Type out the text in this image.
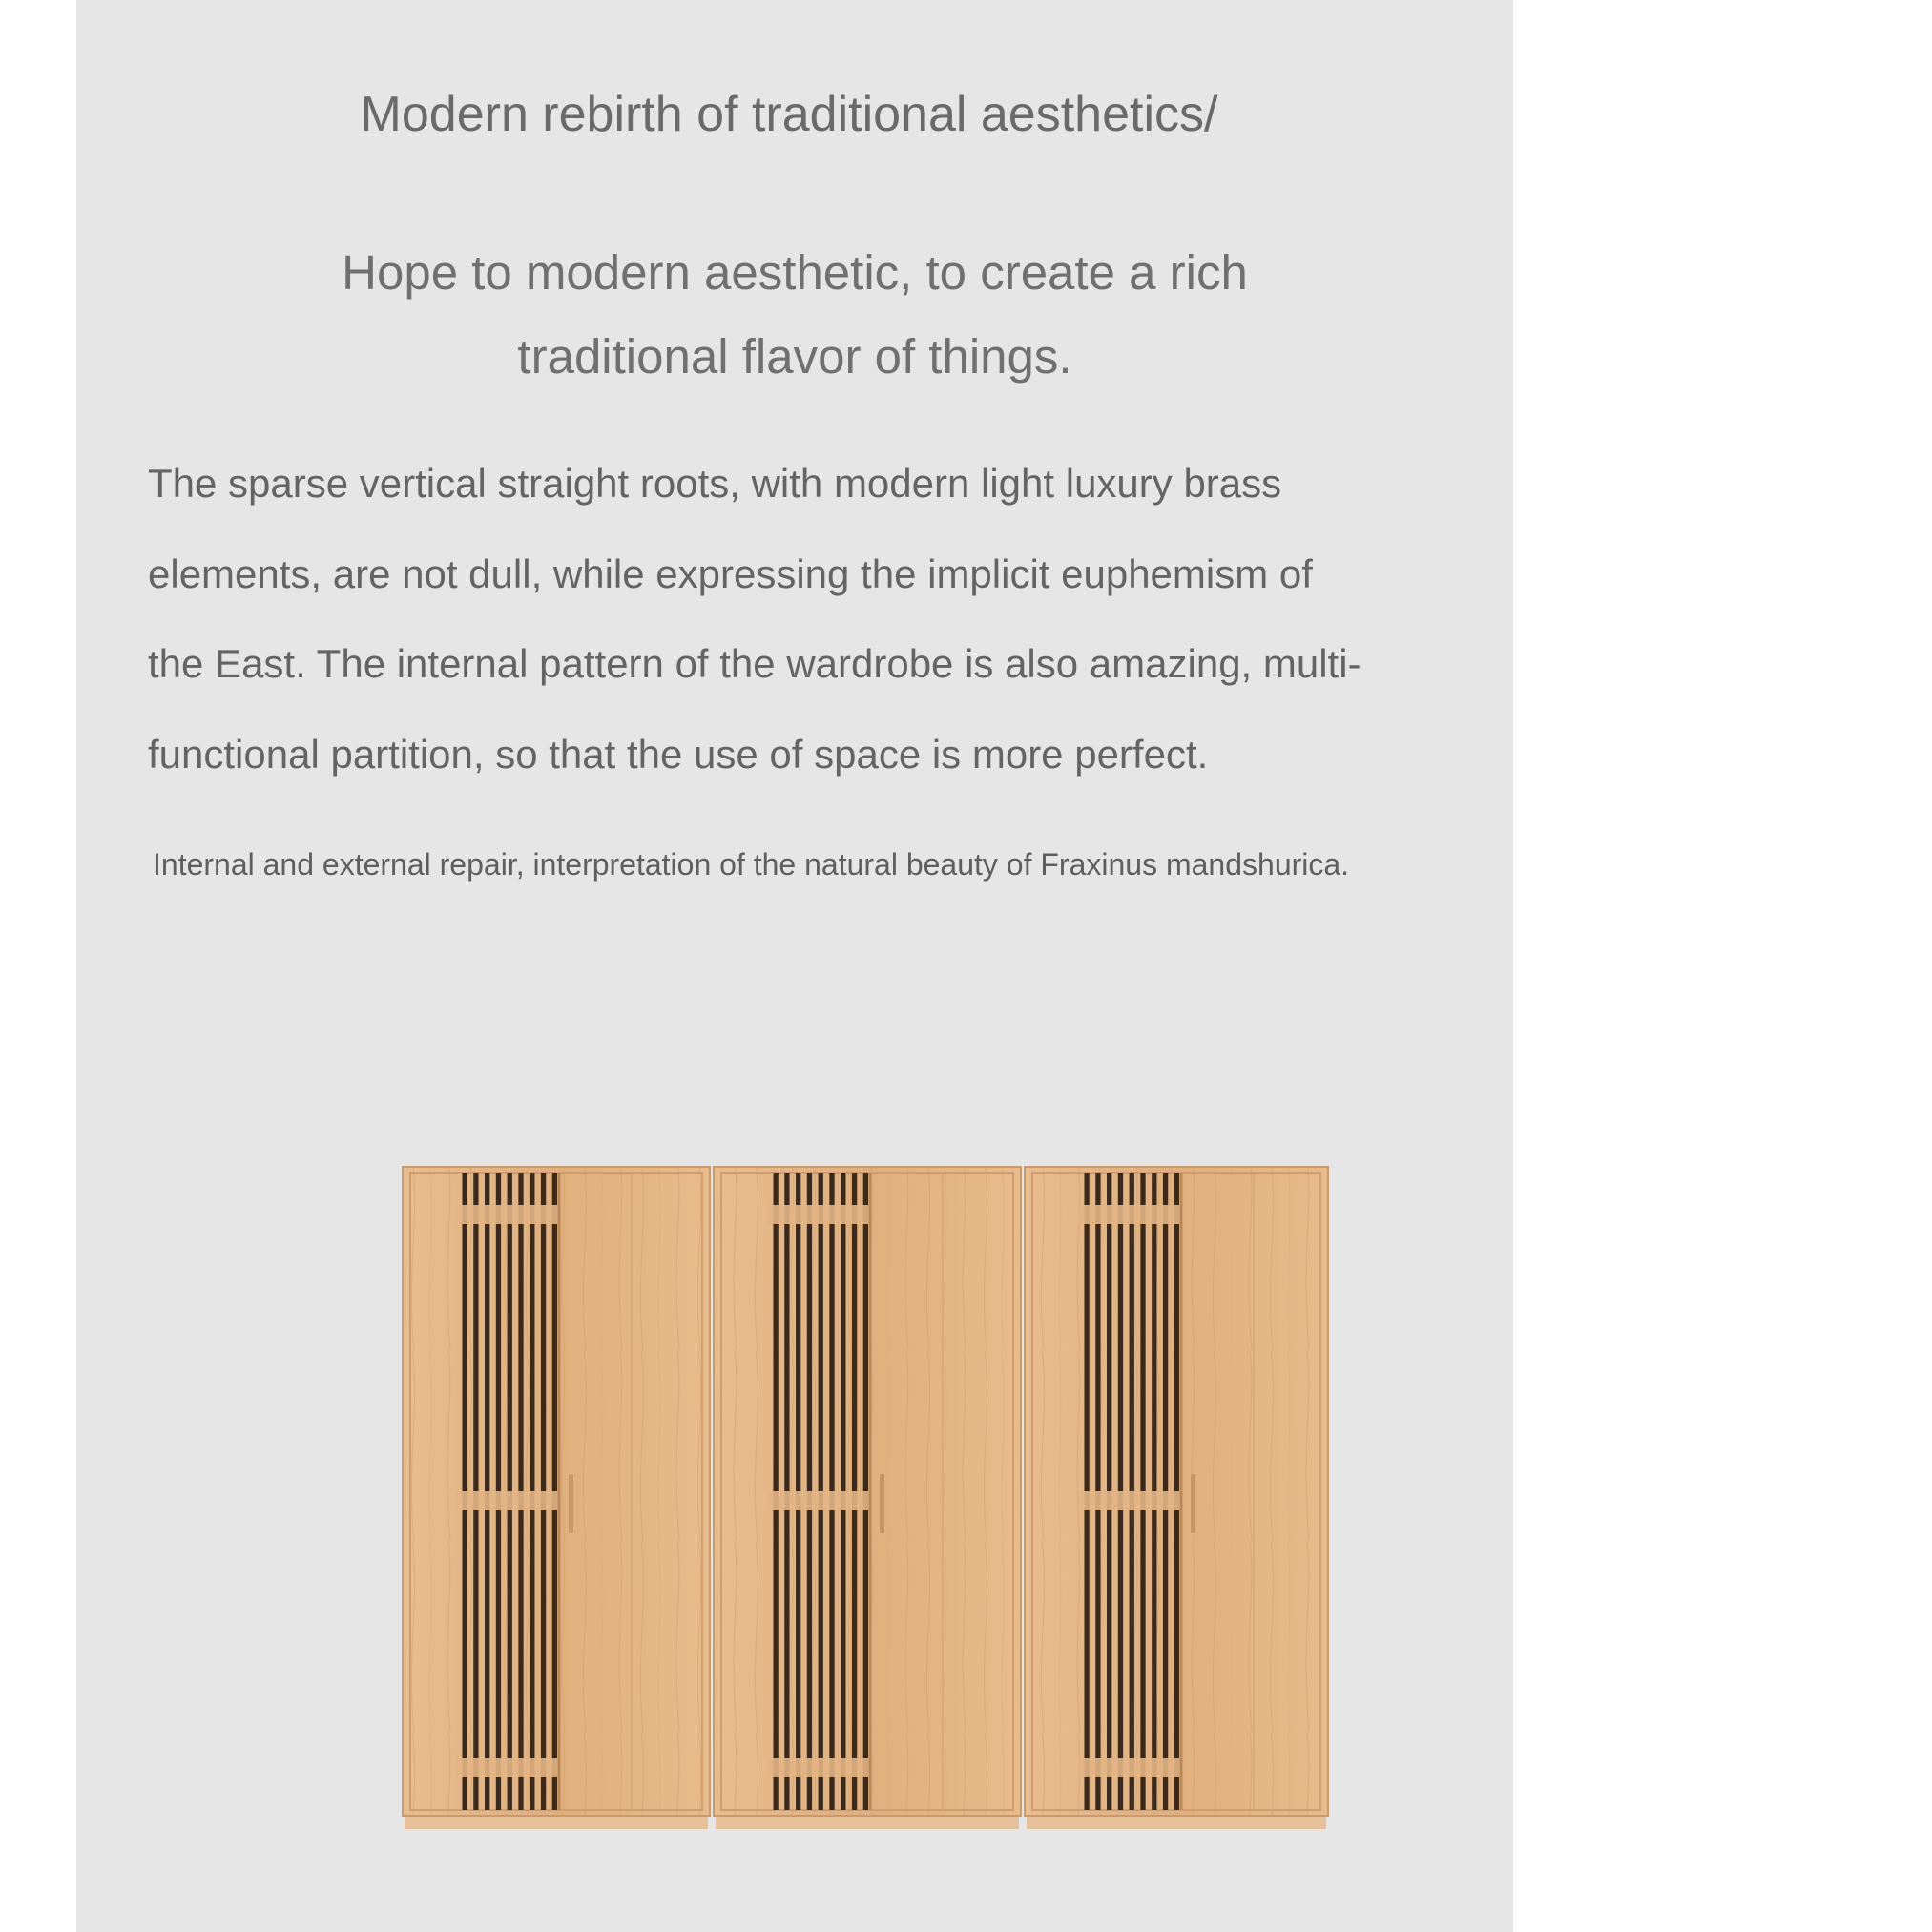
Modern rebirth of traditional aesthetics/
Hope to modern aesthetic, to create a rich
traditional flavor of things.
The sparse vertical straight roots, with modern light luxury brass
elements, are not dull, while expressing the implicit euphemism of
the East. The internal pattern of the wardrobe is also amazing, multi-
functional partition, so that the use of space is more perfect.
Internal and external repair, interpretation of the natural beauty of Fraxinus mandshurica.
